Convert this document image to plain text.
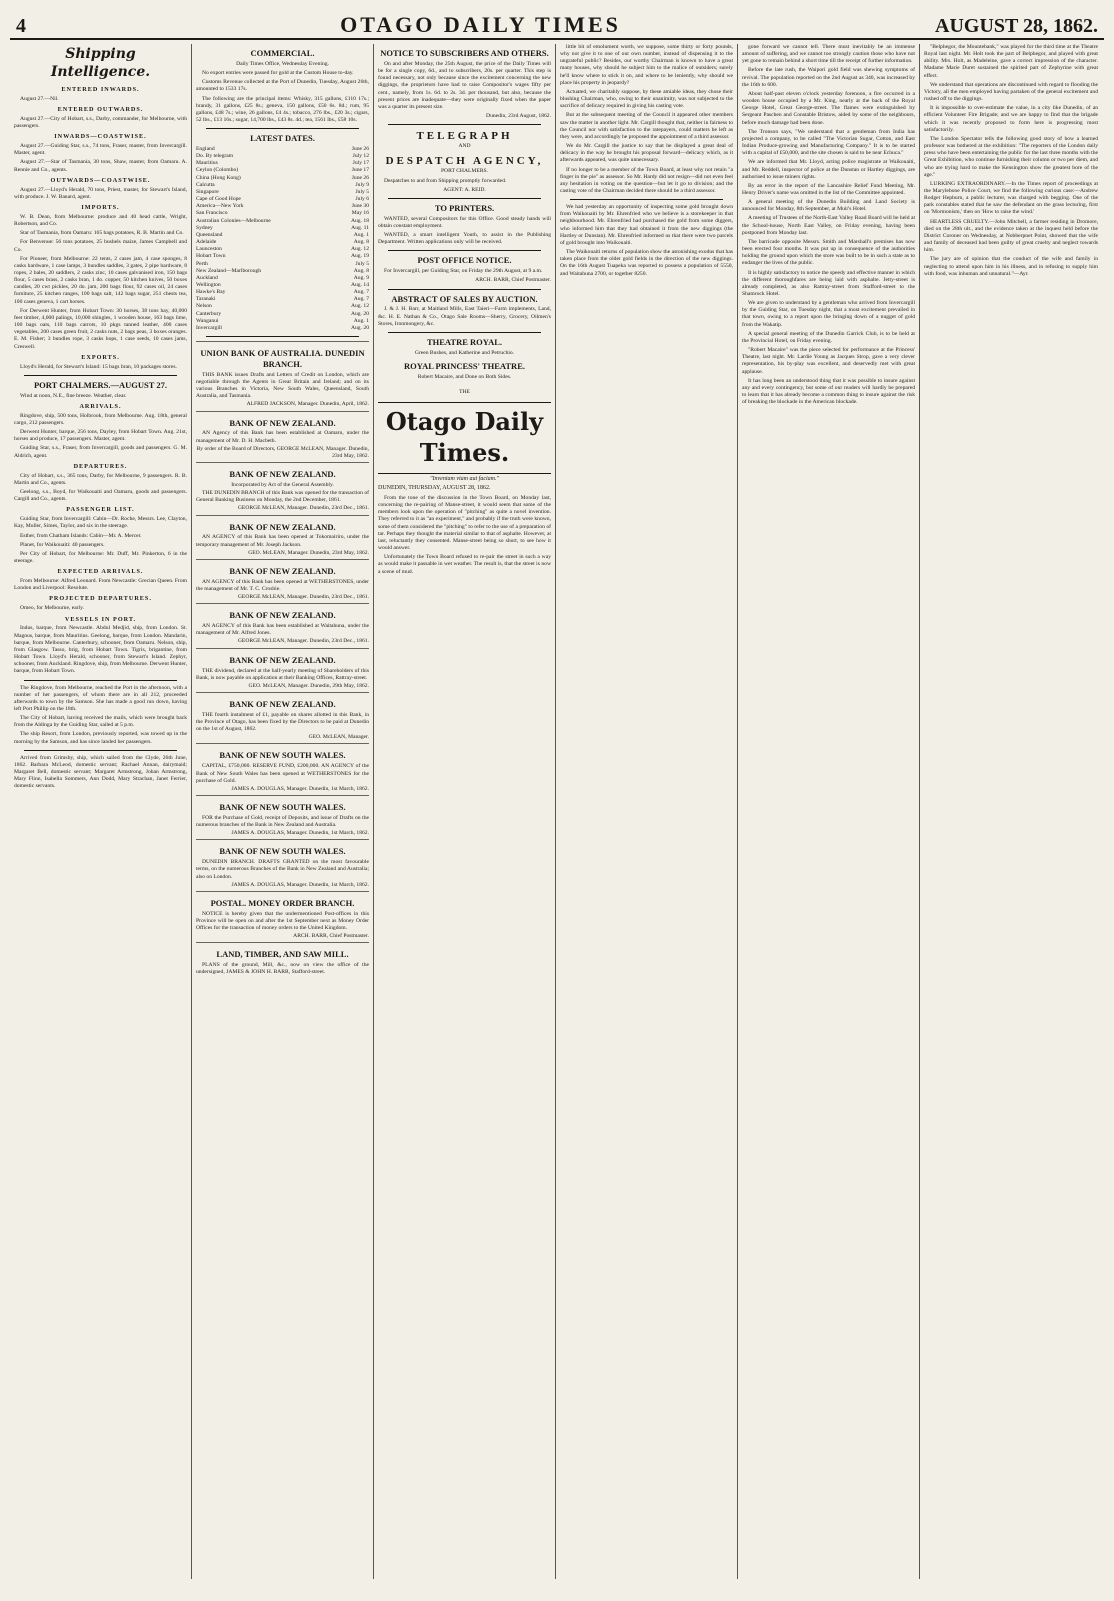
4	OTAGO DAILY TIMES	AUGUST 28, 1862.
Shipping Intelligence.
ENTERED INWARDS.

August 27.—Nil.

ENTERED OUTWARDS.

August 27.—City of Hobart, s.s., Darby, commander, for Melbourne, with passengers.

INWARDS—COASTWISE.

August 27.—Guiding Star, s.s., 74 tons, Fraser, master, from Invercargill. Master, agent.

August 27.—Star of Tasmania, 30 tons, Shaw, master, from Oamaru. A. Rennie and Co., agents.

OUTWARDS—COASTWISE.

August 27.—Lloyd's Herald, 70 tons, Priest, master, for Stewart's Island, with produce. J. W. Banard, agent.

IMPORTS.

W. B. Dean, from Melbourne: produce and 40 head cattle, Wright, Robertson, and Co.

Star of Tasmania, from Oamaru: 165 bags potatoes, R. B. Martin and Co.

For Benvenue: 56 tons potatoes, 25 bushels maize, James Campbell and Co.

For Pioneer, from Melbourne: 22 tents, 2 cases jam, 4 case sponges, 8 casks hardware, 1 case lamps, 3 bundles saddles, 3 gates, 2 pipe hardware, 8 ropes, 2 bales, 20 saddlers, 2 casks zinc, 10 cases galvanised iron, 150 bags flour, 5 cases brass, 2 casks bran, 1 do. copper, 50 kitchen knives, 50 boxes candles, 20 cwt pickles, 20 do. jam, 200 bags flour, 92 cases oil, 24 cases furniture, 25 kitchen ranges, 100 bags salt, 142 bags sugar, 251 chests tea, 100 cases geneva, 1 cart horses.

For Derwent Hunter, from Hobart Town: 30 horses, 38 tons hay, 40,000 feet timber, 4,000 palings, 10,000 shingles, 1 wooden house, 163 bags lime, 100 bags oats, 110 bags carrots, 10 pkgs tanned leather, 400 cases vegetables, 200 cases green fruit, 2 casks nuts, 2 bags peas, 3 boxes oranges. E. M. Fisher; 3 bundles rope, 3 casks hops, 1 case seeds, 10 cases jams, Creswell.

EXPORTS.

Lloyd's Herald, for Stewart's Island: 15 bags bran, 10 packages stores.

PORT CHALMERS.—AUGUST 27.

Wind at noon, N.E., fine breeze. Weather, clear.

ARRIVALS.

Ringdove, ship, 500 tons, Holbrook, from Melbourne. Aug. 18th, general cargo, 212 passengers.

Derwent Hunter, barque, 256 tons, Dayley, from Hobart Town. Aug. 21st, horses and produce, 17 passengers. Master, agent.

Guiding Star, s.s., Fraser, from Invercargill, goods and passengers. G. M. Aldrich, agent.

DEPARTURES.

City of Hobart, s.s., 365 tons, Darby, for Melbourne, 9 passengers. R. B. Martin and Co., agents.

Geelong, s.s., Boyd, for Waikouaiti and Oamaru, goods and passengers. Cargill and Co., agents.

PASSENGER LIST.

Guiding Star, from Invercargill: Cabin—Dr. Roche, Messrs. Lee, Clayton, Kay, Muller, Simes, Taylor, and six in the steerage.

Esther, from Chatham Islands: Cabin—Mr. A. Mercer.

Planet, for Waikouaiti: 40 passengers.

Per City of Hobart, for Melbourne: Mr. Duff, Mr. Pinkerton, 6 in the steerage.

EXPECTED ARRIVALS.

From Melbourne: Alfred Leonard. From Newcastle: Grecian Queen. From London and Liverpool: Resolute.

PROJECTED DEPARTURES.

Omeo, for Melbourne, early.

VESSELS IN PORT.

Indus, barque, from Newcastle. Abdul Medjid, ship, from London. St. Magnus, barque, from Mauritius. Geelong, barque, from London. Mandarin, barque, from Melbourne. Canterbury, schooner, from Oamaru. Nelson, ship, from Glasgow. Tasso, brig, from Hobart Town. Tigris, brigantine, from Hobart Town. Lloyd's Herald, schooner, from Stewart's Island. Zephyr, schooner, from Auckland. Ringdove, ship, from Melbourne. Derwent Hunter, barque, from Hobart Town.

The Ringdove, from Melbourne, reached the Port in the afternoon, with a number of her passengers, of whom there are in all 212, proceeded afterwards to town by the Samson. She has made a good run down, having left Port Phillip on the 18th.

The City of Hobart, having received the mails, which were brought back from the Aldinga by the Guiding Star, sailed at 5 p.m.

The ship Resort, from London, previously reported, was towed up in the morning by the Samson, and has since landed her passengers.

Arrived from Grimsby, ship, which sailed from the Clyde, 26th June, 1862. Barbara McLeod, domestic servant; Rachael Annan, dairymaid; Margaret Bell, domestic servant; Margaret Armstrong, Johan Armstrong, Mary Flinn, Isabella Sommers, Ann Dodd, Mary Strachan, Janet Ferrier, domestic servants.

COMMERCIAL.

Daily Times Office, Wednesday Evening.

No export entries were passed for gold at the Custom House to-day.

Customs Revenue collected at the Port of Dunedin, Tuesday, August 26th, amounted to 1533 17s.

The following are the principal items: Whisky, 315 gallons, £110 17s.; brandy, 31 gallons, £25 8s.; geneva, 150 gallons, £50 6s. 8d.; rum, 95 gallons, £48 7s.; wine, 26 gallons, £4 4s.; tobacco, 276 lbs., £20 3s.; cigars, 52 lbs., £13 16s.; sugar, 14,700 lbs., £43 8s. 4d.; tea, 1561 lbs., £58 10s.

LATEST DATES.
England	June 26
Do. By telegram	July 12
Mauritius	July 17
Ceylon (Colombo)	June 17
China (Hong Kong)	June 26
Calcutta	July 9
Singapore	July 5
Cape of Good Hope	July 6
America—New York	June 30
San Francisco	May 16
Australian Colonies—Melbourne	Aug. 18
Sydney	Aug. 11
Queensland	Aug. 1
Adelaide	Aug. 8
Launceston	Aug. 12
Hobart Town	Aug. 19
Perth	July 5
New Zealand—Marlborough	Aug. 8
Auckland	Aug. 9
Wellington	Aug. 14
Hawke's Bay	Aug. 7
Taranaki	Aug. 7
Nelson	Aug. 12
Canterbury	Aug. 20
Wanganui	Aug. 1
Invercargill	Aug. 20
UNION BANK OF AUSTRALIA. DUNEDIN BRANCH.

THIS BANK issues Drafts and Letters of Credit on London, which are negotiable through the Agents in Great Britain and Ireland; and on its various Branches in Victoria, New South Wales, Queensland, South Australia, and Tasmania.

ALFRED JACKSON, Manager. Dunedin, April, 1862.

BANK OF NEW ZEALAND.

AN Agency of this Bank has been established at Oamaru, under the management of Mr. D. H. Macbeth.

By order of the Board of Directors, GEORGE McLEAN, Manager. Dunedin, 23rd May, 1862.

BANK OF NEW ZEALAND.

Incorporated by Act of the General Assembly.

THE DUNEDIN BRANCH of this Bank was opened for the transaction of General Banking Business on Monday, the 2nd December, 1861.

GEORGE McLEAN, Manager. Dunedin, 23rd Dec., 1861.

BANK OF NEW ZEALAND.

AN AGENCY of this Bank has been opened at Tokomairiro, under the temporary management of Mr. Joseph Jackson.

GEO. McLEAN, Manager. Dunedin, 23rd May, 1862.

BANK OF NEW ZEALAND.

AN AGENCY of this Bank has been opened at WETHERSTONES, under the management of Mr. T. C. Crosbie.

GEORGE McLEAN, Manager. Dunedin, 23rd Dec., 1861.

BANK OF NEW ZEALAND.

AN AGENCY of this Bank has been established at Waitahuna, under the management of Mr. Alfred Jones.

GEORGE McLEAN, Manager. Dunedin, 23rd Dec., 1861.

BANK OF NEW ZEALAND.

THE dividend, declared at the half-yearly meeting of Shareholders of this Bank, is now payable on application at their Banking Offices, Rattray-street.

GEO. McLEAN, Manager. Dunedin, 29th May, 1862.

BANK OF NEW ZEALAND.

THE fourth instalment of £1, payable on shares allotted in this Bank, in the Province of Otago, has been fixed by the Directors to be paid at Dunedin on the 1st of August, 1862.

GEO. McLEAN, Manager.

BANK OF NEW SOUTH WALES.

CAPITAL, £750,000. RESERVE FUND, £200,000. AN AGENCY of the Bank of New South Wales has been opened at WETHERSTONES for the purchase of Gold.

JAMES A. DOUGLAS, Manager. Dunedin, 1st March, 1862.

BANK OF NEW SOUTH WALES.

FOR the Purchase of Gold, receipt of Deposits, and issue of Drafts on the numerous branches of the Bank in New Zealand and Australia.

JAMES A. DOUGLAS, Manager. Dunedin, 1st March, 1862.

BANK OF NEW SOUTH WALES.

DUNEDIN BRANCH. DRAFTS GRANTED on the most favourable terms, on the numerous Branches of the Bank in New Zealand and Australia; also on London.

JAMES A. DOUGLAS, Manager. Dunedin, 1st March, 1862.

POSTAL. MONEY ORDER BRANCH.

NOTICE is hereby given that the undermentioned Post-offices in this Province will be open on and after the 1st September next as Money Order Offices for the transaction of money orders to the United Kingdom.

ARCH. BARR, Chief Postmaster.

LAND, TIMBER, AND SAW MILL.

PLANS of the ground, Mill, &c., now on view the office of the undersigned, JAMES & JOHN H. BARR, Stafford-street.

NOTICE TO SUBSCRIBERS AND OTHERS.

On and after Monday, the 25th August, the price of the Daily Times will be for a single copy, 6d., and to subscribers, 20s. per quarter. This step is found necessary, not only because since the excitement concerning the new diggings, the proprietors have had to raise Compositor's wages fifty per cent., namely, from 1s. 6d. to 2s. 3d. per thousand, but also, because the present prices are inadequate—they were originally fixed when the paper was a quarter its present size.

Dunedin, 23rd August, 1862.

TELEGRAPH

AND

DESPATCH AGENCY,

PORT CHALMERS.

Despatches to and from Shipping promptly forwarded.

AGENT: A. REID.

TO PRINTERS.

WANTED, several Compositors for this Office. Good steady hands will obtain constant employment.

WANTED, a smart intelligent Youth, to assist in the Publishing Department. Written applications only will be received.

POST OFFICE NOTICE.

For Invercargill, per Guiding Star, on Friday the 29th August, at 9 a.m.

ARCH. BARR, Chief Postmaster.

ABSTRACT OF SALES BY AUCTION.

J. & J. H. Barr, at Maitland Mills, East Taieri—Farm implements, Land, &c. H. E. Nathan & Co., Otago Sale Rooms—Sherry, Grocery, Oilmen's Stores, Ironmongery, &c.

THEATRE ROYAL.

Green Bushes, and Katherine and Petruchio.

ROYAL PRINCESS' THEATRE.

Robert Macaire, and Done on Both Sides.

THE

Otago Daily Times.
"Inveniam viam aut faciam."

DUNEDIN, THURSDAY, AUGUST 28, 1862.

From the tone of the discussion in the Town Board, on Monday last, concerning the re-pairing of Manse-street, it would seem that some of the members look upon the operation of "pitching" as quite a novel invention. They referred to it as "an experiment," and probably if the truth were known, some of them considered the "pitching" to refer to the use of a preparation of tar. Perhaps they thought the material similar to that of asphalte. However, at last, reluctantly they consented. Manse-street being so short, to see how it would answer.

Unfortunately the Town Board refused to re-pair the street in such a way as would make it passable in wet weather. The result is, that the street is now a scene of mud.

little bit of emolument worth, we suppose, some thirty or forty pounds, why not give it to one of our own number, instead of dispensing it to the ungrateful public? Besides, our worthy Chairman is known to have a great many houses, why should he subject him to the malice of outsiders; surely he'll know where to stick it on, and where to be leniently, why should we place his property in jeopardy?

Actuated, we charitably suppose, by these amiable ideas, they chose their blushing Chairman, who, owing to their unanimity, was not subjected to the sacrifice of delicacy required in giving his casting vote.

But at the subsequent meeting of the Council it appeared other members saw the matter in another light. Mr. Cargill thought that, neither in fairness to the Council nor with satisfaction to the ratepayers, could matters be left as they were, and accordingly he proposed the appointment of a third assessor.

We do Mr. Cargill the justice to say that he displayed a great deal of delicacy in the way he brought his proposal forward—delicacy which, as it afterwards appeared, was quite unnecessary.

If no longer to be a member of the Town Board, at least why not retain "a finger in the pie" as assessor. So Mr. Hardy did not resign—did not even feel any hesitation in voting on the question—but let it go to division; and the casting vote of the Chairman decided there should be a third assessor.

We had yesterday an opportunity of inspecting some gold brought down from Waikouaiti by Mr. Ehrenfried who we believe is a storekeeper in that neighbourhood. Mr. Ehrenfried had purchased the gold from some diggers, who informed him that they had obtained it from the new diggings (the Hartley or Dunstan). Mr. Ehrenfried informed us that there were two parcels of gold brought into Waikouaiti.

The Waikouaiti returns of population show the astonishing exodus that has taken place from the older gold fields in the direction of the new diggings. On the 16th August Tuapeka was reported to possess a population of 5550, and Waitahuna 2700, or together 8250.

gone forward we cannot tell. There must inevitably be an immense amount of suffering, and we cannot too strongly caution those who have not yet gone to remain behind a short time till the receipt of further information.

Before the late rush, the Waipori gold field was shewing symptoms of revival. The population reported on the 2nd August as 340, was increased by the 16th to 600.

About half-past eleven o'clock yesterday forenoon, a fire occurred in a wooden house occupied by a Mr. King, nearly at the back of the Royal George Hotel, Great George-street. The flames were extinguished by Sergeant Paschen and Constable Bristow, aided by some of the neighbours, before much damage had been done.

The Tronson says, "We understand that a gentleman from India has projected a company, to be called "The Victorian Sugar, Cotton, and East Indian Produce-growing and Manufacturing Company." It is to be started with a capital of £50,000, and the site chosen is said to be near Echuca."

We are informed that Mr. Lloyd, acting police magistrate at Waikouaiti, and Mr. Reddell, inspector of police at the Dunstan or Hartley diggings, are authorised to issue miners rights.

By an error in the report of the Lancashire Relief Fund Meeting, Mr. Henry Driver's name was omitted in the list of the Committee appointed.

A general meeting of the Dunedin Building and Land Society is announced for Monday, 8th September, at Muir's Hotel.

A meeting of Trustees of the North-East Valley Road Board will be held at the School-house, North East Valley, on Friday evening, having been postponed from Monday last.

The barricade opposite Messrs. Smith and Marshall's premises has now been erected four months. It was put up in consequence of the authorities holding the ground upon which the store was built to be in such a state as to endanger the lives of the public.

It is highly satisfactory to notice the speedy and effective manner in which the different thoroughfares are being laid with asphalte. Jetty-street is already completed, as also Rattray-street from Stafford-street to the Shamrock Hotel.

We are given to understand by a gentleman who arrived from Invercargill by the Guiding Star, on Tuesday night, that a most excitement prevailed in that town, owing to a report upon the bringing down of a nugget of gold from the Wakatip.

A special general meeting of the Dunedin Garrick Club, is to be held at the Provincial Hotel, on Friday evening.

"Robert Macaire" was the piece selected for performance at the Princess' Theatre, last night. Mr. Lardie Young as Jacques Strop, gave a very clever representation, his by-play was excellent, and deservedly met with great applause.

It has long been an understood thing that it was possible to insure against any and every contingency, but some of our readers will hardly be prepared to learn that it has already become a common thing to insure against the risk of breaking the blockade in the American blockade.

"Belphegor, the Mountebank," was played for the third time at the Theatre Royal last night. Mr. Holt took the part of Belphegor, and played with great ability. Mrs. Holt, as Madeleine, gave a correct impression of the character. Madame Marie Duret sustained the spirited part of Zephyrine with great effect.

We understand that operations are discontinued with regard to flooding the Victory, all the men employed having partaken of the general excitement and rushed off to the diggings.

It is impossible to over-estimate the value, in a city like Dunedin, of an efficient Volunteer Fire Brigade; and we are happy to find that the brigade which it was recently proposed to form here is progressing most satisfactorily.

The London Spectator tells the following good story of how a learned professor was bothered at the exhibition: "The reporters of the London daily press who have been entertaining the public for the last three months with the Great Exhibition, who continue furnishing their column or two per diem, and who are trying hard to make the Kensington show the greatest bore of the age."

LURKING EXTRAORDINARY.—In the Times report of proceedings at the Marylebone Police Court, we find the following curious case:—Andrew Rodger Hepburn, a public lecturer, was charged with begging. One of the park constables stated that he saw the defendant on the grass lecturing, first on 'Mormonism,' then on 'How to raise the wind.'

HEARTLESS CRUELTY.—John Mitchell, a farmer residing in Dromore, died on the 28th ult., and the evidence taken at the inquest held before the District Coroner on Wednesday, at Nobberpnet Point, showed that the wife and family of deceased had been guilty of great cruelty and neglect towards him.

The jury are of opinion that the conduct of the wife and family in neglecting to attend upon him in his illness, and in refusing to supply him with food, was inhuman and unnatural."—Ayr.
